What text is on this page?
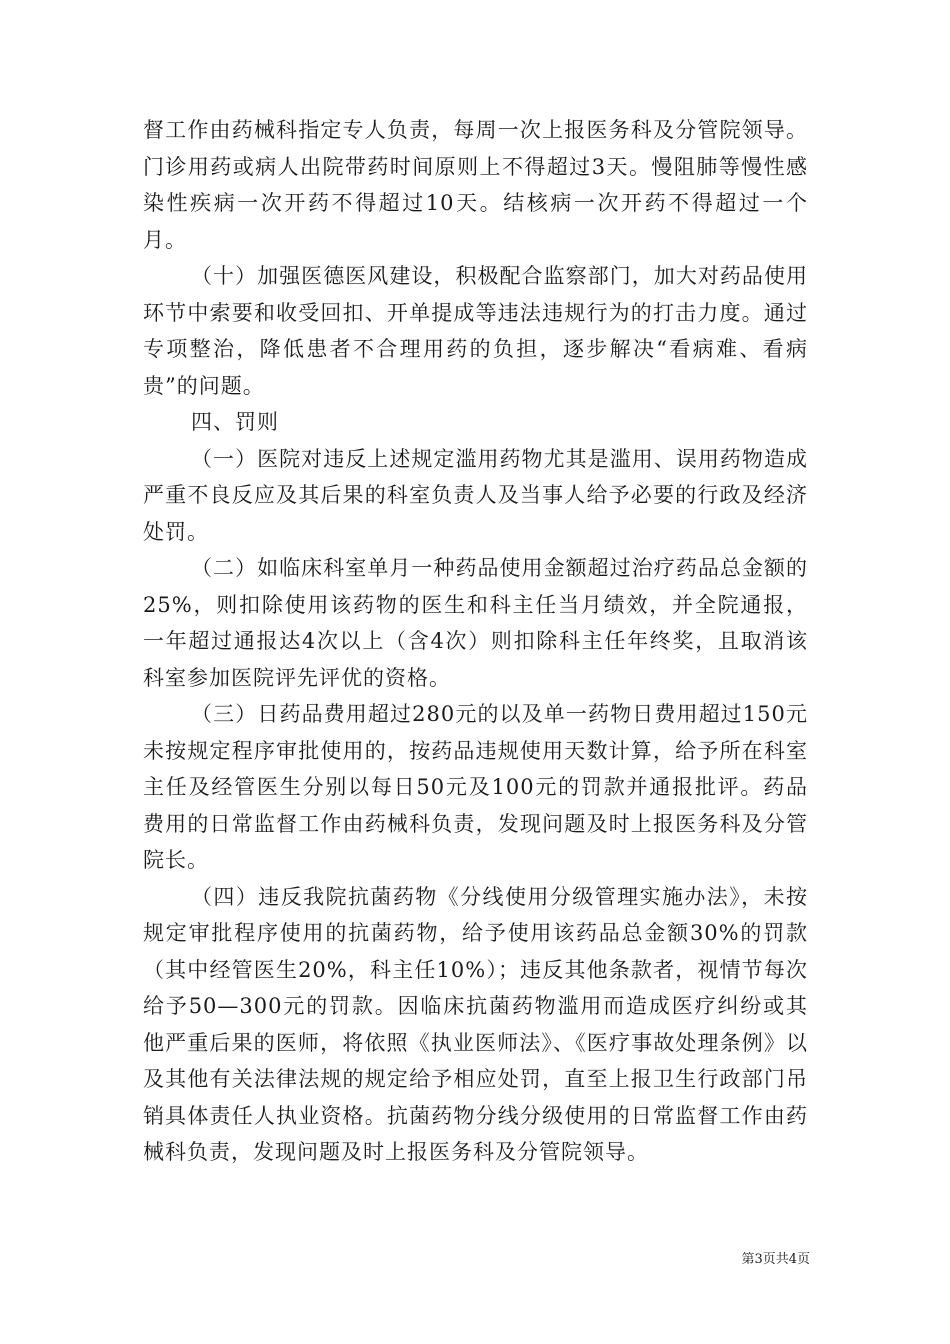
督工作由药械科指定专人负责，每周一次上报医务科及分管院领导。门诊用药或病人出院带药时间原则上不得超过3天。慢阻肺等慢性感染性疾病一次开药不得超过10天。结核病一次开药不得超过一个月。

（十）加强医德医风建设，积极配合监察部门，加大对药品使用环节中索要和收受回扣、开单提成等违法违规行为的打击力度。通过专项整治，降低患者不合理用药的负担，逐步解决“看病难、看病贵”的问题。

四、罚则

（一）医院对违反上述规定滥用药物尤其是滥用、误用药物造成严重不良反应及其后果的科室负责人及当事人给予必要的行政及经济处罚。

（二）如临床科室单月一种药品使用金额超过治疗药品总金额的25%，则扣除使用该药物的医生和科主任当月绩效，并全院通报，一年超过通报达4次以上（含4次）则扣除科主任年终奖，且取消该科室参加医院评先评优的资格。

（三）日药品费用超过280元的以及单一药物日费用超过150元未按规定程序审批使用的，按药品违规使用天数计算，给予所在科室主任及经管医生分别以每日50元及100元的罚款并通报批评。药品费用的日常监督工作由药械科负责，发现问题及时上报医务科及分管院长。

（四）违反我院抗菌药物《分线使用分级管理实施办法》，未按规定审批程序使用的抗菌药物，给予使用该药品总金额30%的罚款（其中经管医生20%，科主任10%）；违反其他条款者，视情节每次给予50—300元的罚款。因临床抗菌药物滥用而造成医疗纠纷或其他严重后果的医师，将依照《执业医师法》、《医疗事故处理条例》以及其他有关法律法规的规定给予相应处罚，直至上报卫生行政部门吊销具体责任人执业资格。抗菌药物分线分级使用的日常监督工作由药械科负责，发现问题及时上报医务科及分管院领导。

第3页共4页
